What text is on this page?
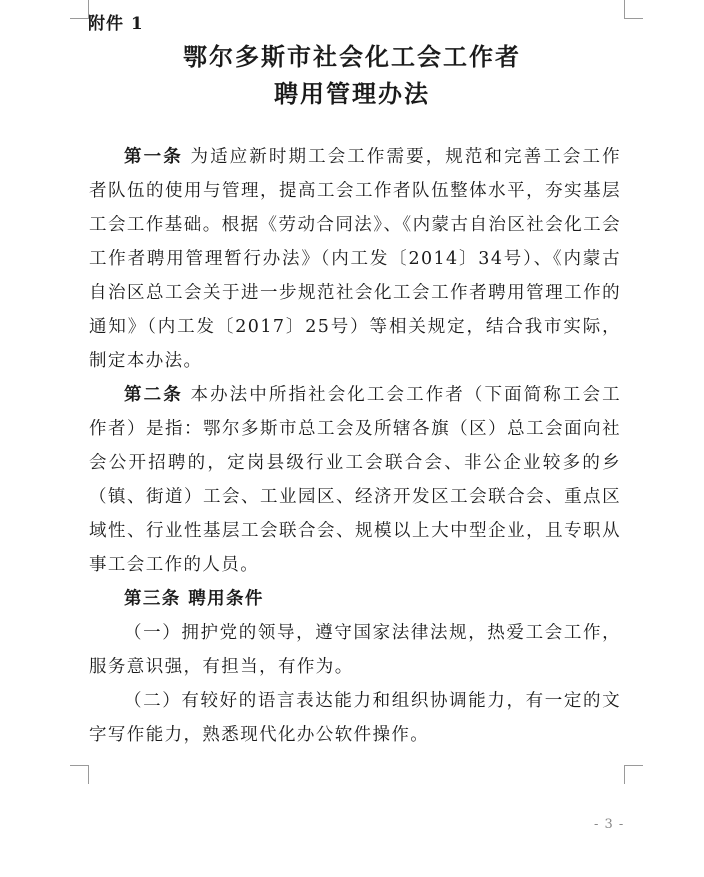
附件 1
鄂尔多斯市社会化工会工作者
聘用管理办法

第一条 为适应新时期工会工作需要，规范和完善工会工作者队伍的使用与管理，提高工会工作者队伍整体水平，夯实基层工会工作基础。根据《劳动合同法》、《内蒙古自治区社会化工会工作者聘用管理暂行办法》（内工发〔2014〕34号）、《内蒙古自治区总工会关于进一步规范社会化工会工作者聘用管理工作的通知》（内工发〔2017〕25号）等相关规定，结合我市实际，制定本办法。

第二条 本办法中所指社会化工会工作者（下面简称工会工作者）是指：鄂尔多斯市总工会及所辖各旗（区）总工会面向社会公开招聘的，定岗县级行业工会联合会、非公企业较多的乡（镇、街道）工会、工业园区、经济开发区工会联合会、重点区域性、行业性基层工会联合会、规模以上大中型企业，且专职从事工会工作的人员。

第三条 聘用条件

（一）拥护党的领导，遵守国家法律法规，热爱工会工作，服务意识强，有担当，有作为。

（二）有较好的语言表达能力和组织协调能力，有一定的文字写作能力，熟悉现代化办公软件操作。

- 3 -
